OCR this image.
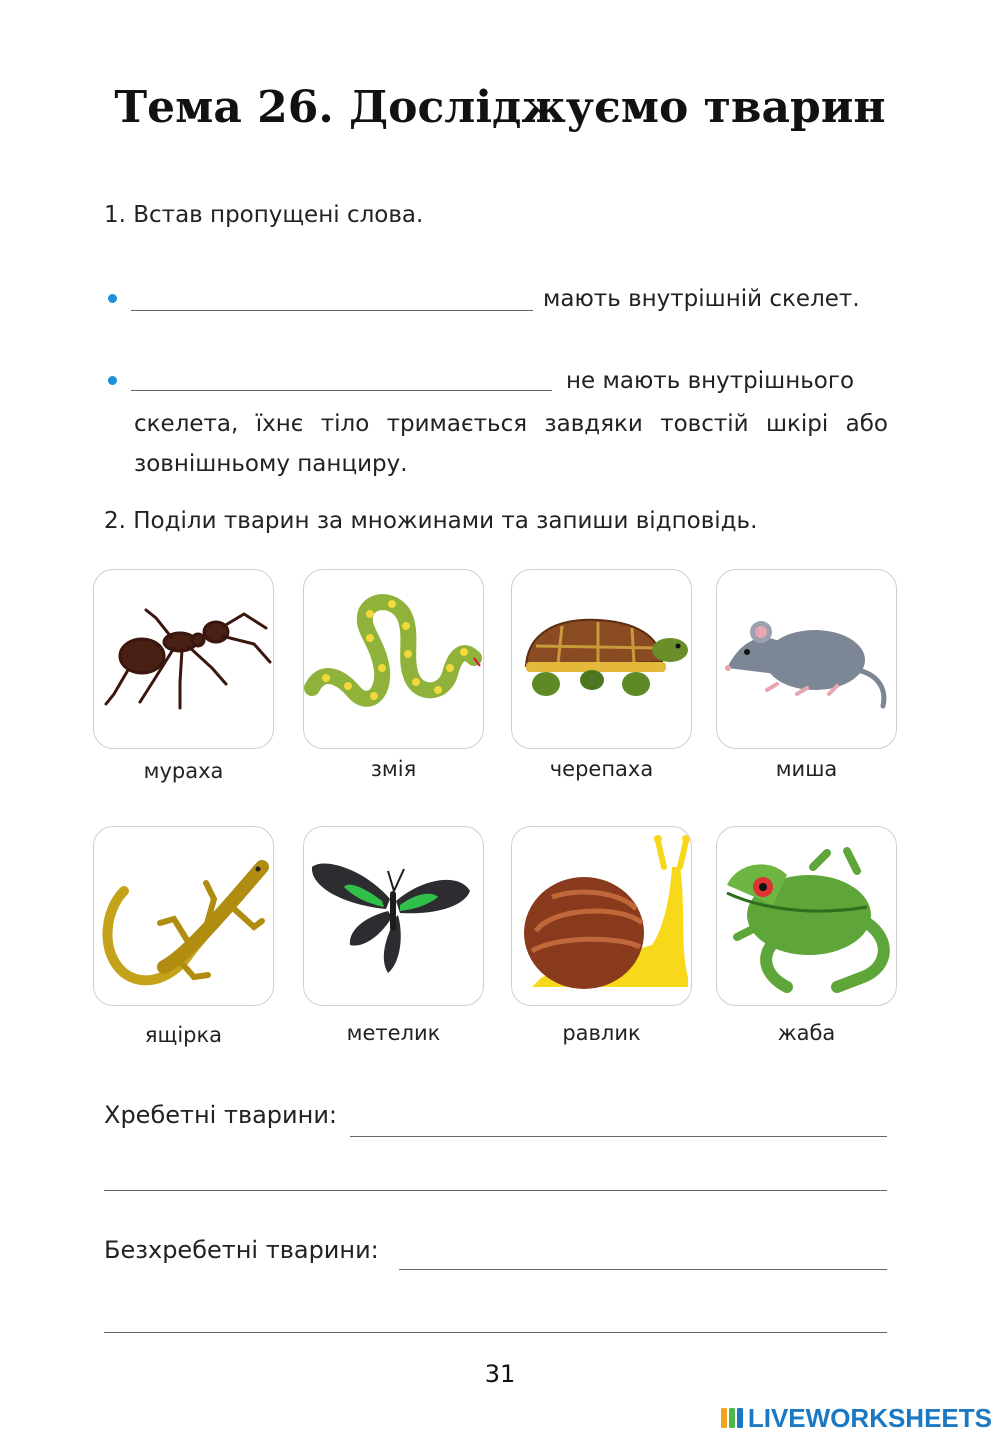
Тема 26. Досліджуємо тварин
1. Встав пропущені слова.
мають внутрішній скелет.
не мають внутрішнього
скелета, їхнє тіло тримається завдяки товстій шкірі або зовнішньому панциру.
2. Поділи тварин за множинами та запиши відповідь.
мураха	змія	черепаха	миша
ящірка	метелик	равлик	жаба
Хребетні тварини:
Безхребетні тварини:
31
LIVEWORKSHEETS
